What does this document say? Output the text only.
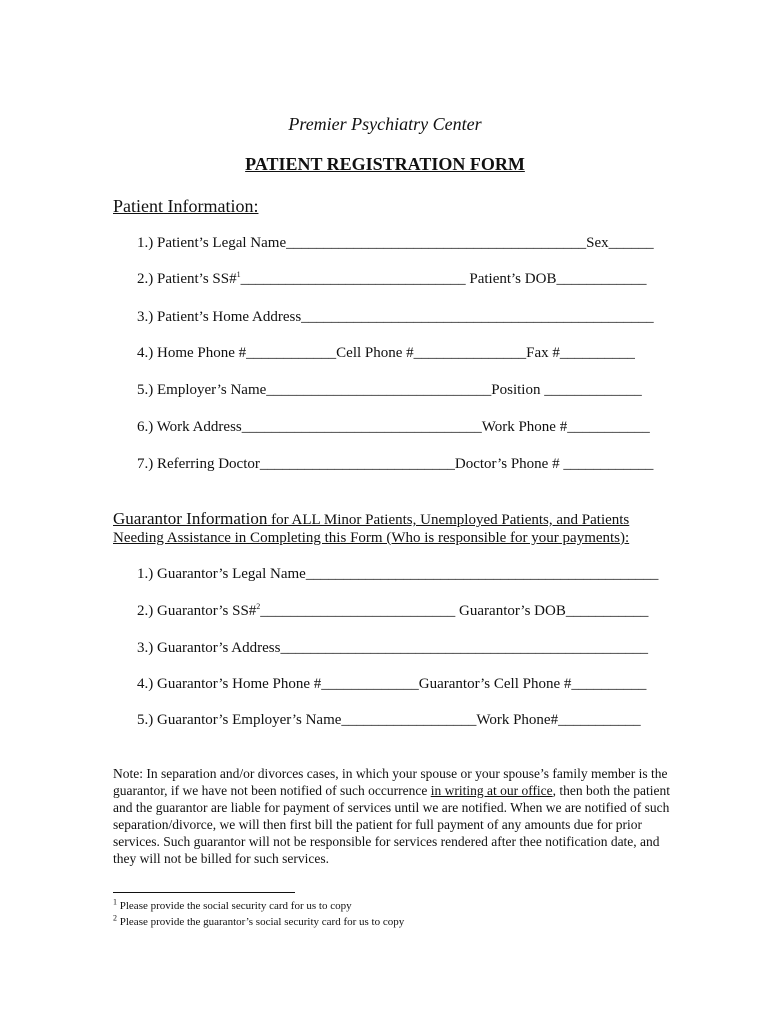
Premier Psychiatry Center
PATIENT REGISTRATION FORM
Patient Information:
1.) Patient’s Legal Name________________________________________Sex______
2.) Patient’s SS#$^1$______________________________ Patient’s DOB____________
3.) Patient’s Home Address_______________________________________________
4.) Home Phone #____________Cell Phone #_______________Fax #__________
5.) Employer’s Name______________________________Position _____________
6.) Work Address________________________________Work Phone #___________
7.) Referring Doctor__________________________Doctor’s Phone # ____________
Guarantor Information for ALL Minor Patients, Unemployed Patients, and Patients
Needing Assistance in Completing this Form (Who is responsible for your payments):
1.) Guarantor’s Legal Name_______________________________________________
2.) Guarantor’s SS#$^2$__________________________ Guarantor’s DOB___________
3.) Guarantor’s Address_________________________________________________
4.) Guarantor’s Home Phone #_____________Guarantor’s Cell Phone #__________
5.) Guarantor’s Employer’s Name__________________Work Phone#___________
Note: In separation and/or divorces cases, in which your spouse or your spouse’s family member is the guarantor, if we have not been notified of such occurrence in writing at our office, then both the patient and the guarantor are liable for payment of services until we are notified. When we are notified of such separation/divorce, we will then first bill the patient for full payment of any amounts due for prior services. Such guarantor will not be responsible for services rendered after thee notification date, and they will not be billed for such services.
$^1$ Please provide the social security card for us to copy
$^2$ Please provide the guarantor’s social security card for us to copy
